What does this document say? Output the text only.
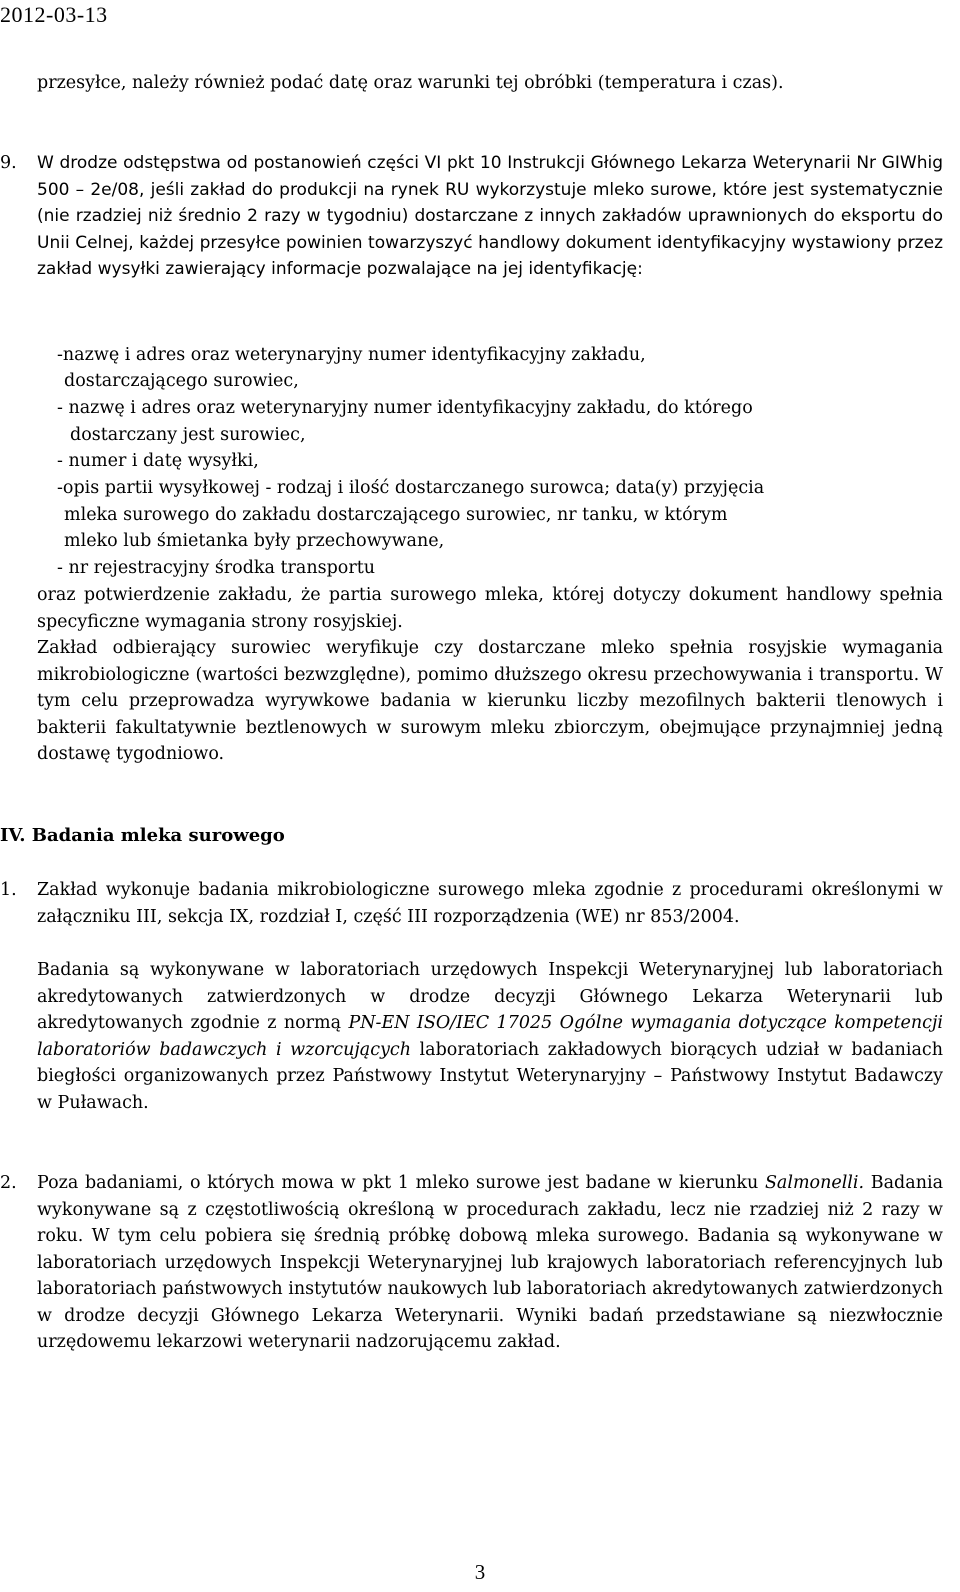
2012-03-13
przesyłce, należy również podać datę oraz warunki tej obróbki (temperatura i czas).
9. W drodze odstępstwa od postanowień części VI pkt 10 Instrukcji Głównego Lekarza Weterynarii Nr GIWhig 500 – 2e/08, jeśli zakład do produkcji na rynek RU wykorzystuje mleko surowe, które jest systematycznie (nie rzadziej niż średnio 2 razy w tygodniu) dostarczane z innych zakładów uprawnionych do eksportu do Unii Celnej, każdej przesyłce powinien towarzyszyć handlowy dokument identyfikacyjny wystawiony przez zakład wysyłki zawierający informacje pozwalające na jej identyfikację:
-nazwę i adres oraz weterynaryjny numer identyfikacyjny zakładu,
dostarczającego surowiec,
- nazwę i adres oraz weterynaryjny numer identyfikacyjny zakładu, do którego
dostarczany jest surowiec,
- numer i datę wysyłki,
-opis partii wysyłkowej - rodzaj i ilość dostarczanego surowca; data(y) przyjęcia
mleka surowego do zakładu dostarczającego surowiec, nr tanku, w którym
mleko lub śmietanka były przechowywane,
- nr rejestracyjny środka transportu
oraz potwierdzenie zakładu, że partia surowego mleka, której dotyczy dokument handlowy spełnia specyficzne wymagania strony rosyjskiej.
Zakład odbierający surowiec weryfikuje czy dostarczane mleko spełnia rosyjskie wymagania mikrobiologiczne (wartości bezwzględne), pomimo dłuższego okresu przechowywania i transportu. W tym celu przeprowadza wyrywkowe badania w kierunku liczby mezofilnych bakterii tlenowych i bakterii fakultatywnie beztlenowych w surowym mleku zbiorczym, obejmujące przynajmniej jedną dostawę tygodniowo.
IV. Badania mleka surowego
1. Zakład wykonuje badania mikrobiologiczne surowego mleka zgodnie z procedurami określonymi w załączniku III, sekcja IX, rozdział I, część III rozporządzenia (WE) nr 853/2004.
Badania są wykonywane w laboratoriach urzędowych Inspekcji Weterynaryjnej lub laboratoriach akredytowanych zatwierdzonych w drodze decyzji Głównego Lekarza Weterynarii lub akredytowanych zgodnie z normą PN-EN ISO/IEC 17025 Ogólne wymagania dotyczące kompetencji laboratoriów badawczych i wzorcujących laboratoriach zakładowych biorących udział w badaniach biegłości organizowanych przez Państwowy Instytut Weterynaryjny – Państwowy Instytut Badawczy w Puławach.
2. Poza badaniami, o których mowa w pkt 1 mleko surowe jest badane w kierunku Salmonelli. Badania wykonywane są z częstotliwością określoną w procedurach zakładu, lecz nie rzadziej niż 2 razy w roku. W tym celu pobiera się średnią próbkę dobową mleka surowego. Badania są wykonywane w laboratoriach urzędowych Inspekcji Weterynaryjnej lub krajowych laboratoriach referencyjnych lub laboratoriach państwowych instytutów naukowych lub laboratoriach akredytowanych zatwierdzonych w drodze decyzji Głównego Lekarza Weterynarii. Wyniki badań przedstawiane są niezwłocznie urzędowemu lekarzowi weterynarii nadzorującemu zakład.
3
